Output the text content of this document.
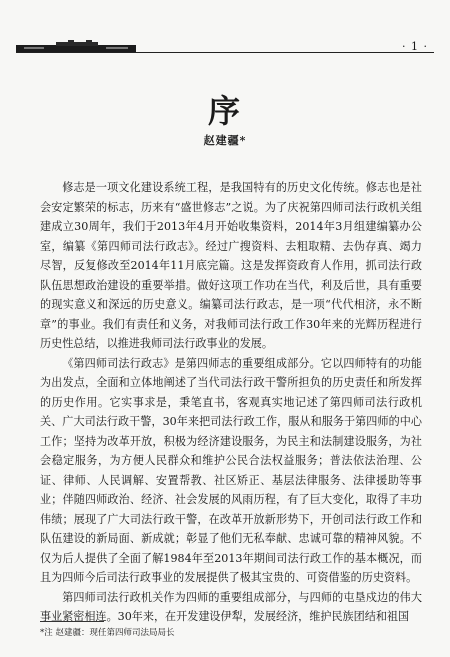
· 1 ·
序
赵建疆*

修志是一项文化建设系统工程，是我国特有的历史文化传统。修志也是社会安定繁荣的标志，历来有“盛世修志”之说。为了庆祝第四师司法行政机关组建成立30周年，我们于2013年4月开始收集资料，2014年3月组建编纂办公室，编纂《第四师司法行政志》。经过广搜资料、去粗取精、去伪存真、竭力尽智，反复修改至2014年11月底完篇。这是发挥资政育人作用，抓司法行政队伍思想政治建设的重要举措。做好这项工作功在当代，利及后世，具有重要的现实意义和深远的历史意义。编纂司法行政志，是一项“代代相济，永不断章”的事业。我们有责任和义务，对我师司法行政工作30年来的光辉历程进行历史性总结，以推进我师司法行政事业的发展。

《第四师司法行政志》是第四师志的重要组成部分。它以四师特有的功能为出发点，全面和立体地阐述了当代司法行政干警所担负的历史责任和所发挥的历史作用。它实事求是，秉笔直书，客观真实地记述了第四师司法行政机关、广大司法行政干警，30年来把司法行政工作，服从和服务于第四师的中心工作；坚持为改革开放，积极为经济建设服务，为民主和法制建设服务，为社会稳定服务，为方便人民群众和维护公民合法权益服务；普法依法治理、公证、律师、人民调解、安置帮教、社区矫正、基层法律服务、法律援助等事业；伴随四师政治、经济、社会发展的风雨历程，有了巨大变化，取得了丰功伟绩；展现了广大司法行政干警，在改革开放新形势下，开创司法行政工作和队伍建设的新局面、新成就；彰显了他们无私奉献、忠诚可靠的精神风貌。不仅为后人提供了全面了解1984年至2013年期间司法行政工作的基本概况，而且为四师今后司法行政事业的发展提供了极其宝贵的、可资借鉴的历史资料。

第四师司法行政机关作为四师的重要组成部分，与四师的屯垦戍边的伟大事业紧密相连。30年来，在开发建设伊犁，发展经济，维护民族团结和祖国

*注 赵建疆：现任第四师司法局局长
